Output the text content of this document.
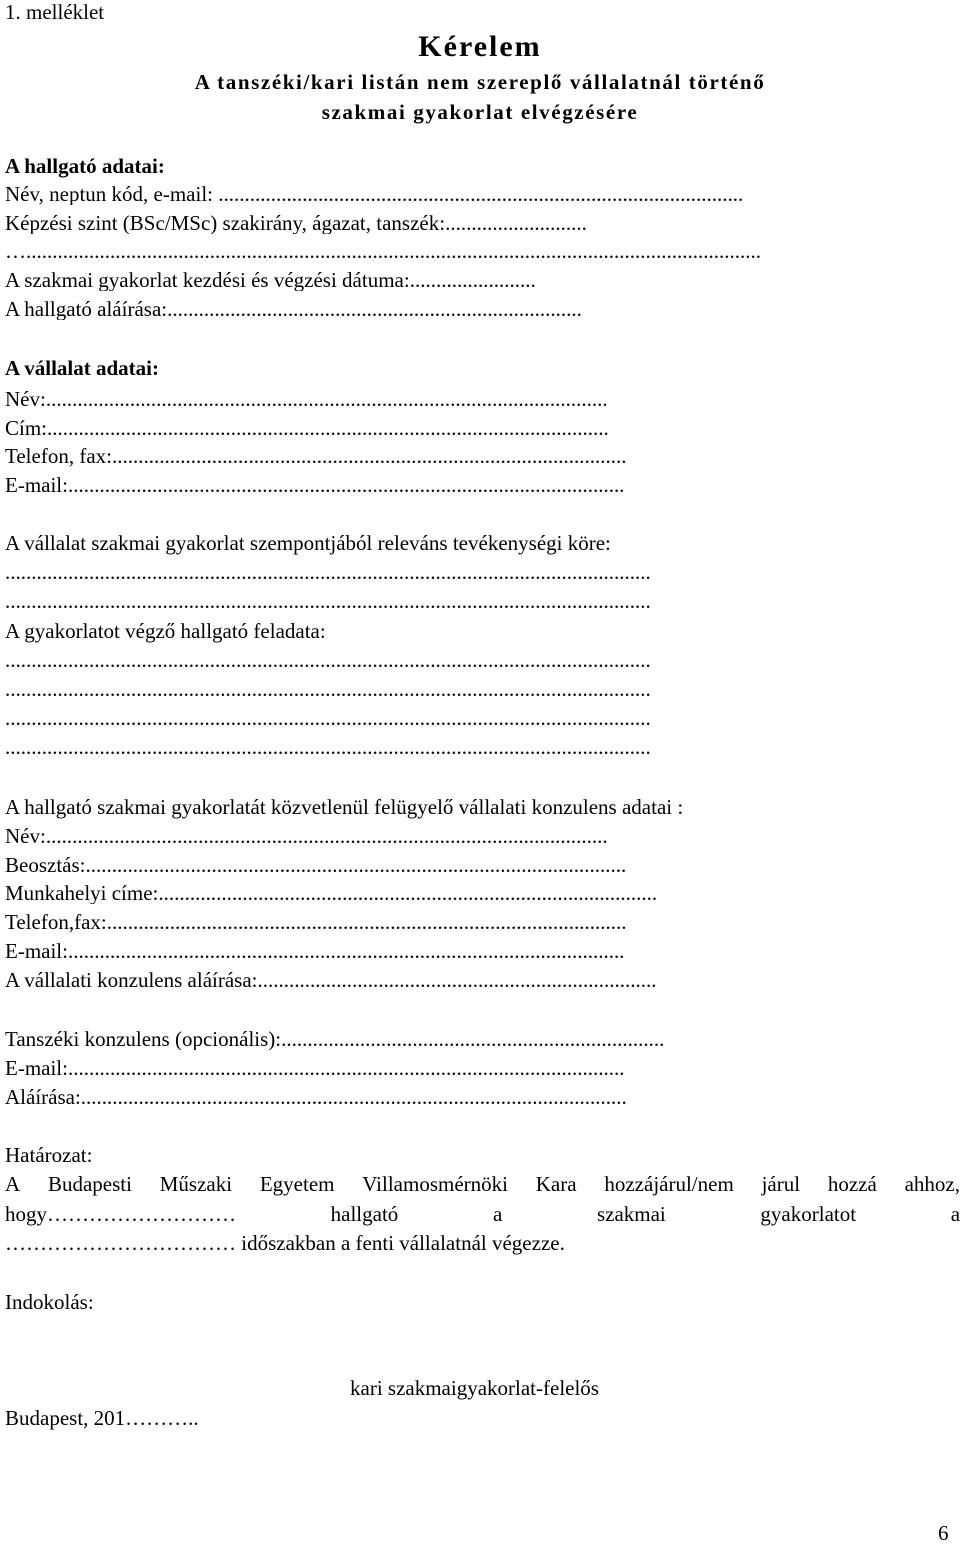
1. melléklet
Kérelem
A tanszéki/kari listán nem szereplő vállalatnál történő
szakmai gyakorlat elvégzésére
A hallgató adatai:
Név, neptun kód, e-mail: ....................................................................................................
Képzési szint (BSc/MSc) szakirány, ágazat, tanszék:...........................
…............................................................................................................................................
A szakmai gyakorlat kezdési és végzési dátuma:........................
A hallgató aláírása:...............................................................................
A vállalat adatai:
Név:...........................................................................................................
Cím:...........................................................................................................
Telefon, fax:..................................................................................................
E-mail:..........................................................................................................
A vállalat szakmai gyakorlat szempontjából releváns tevékenységi köre:
...........................................................................................................................
...........................................................................................................................
A gyakorlatot végző hallgató feladata:
...........................................................................................................................
...........................................................................................................................
...........................................................................................................................
...........................................................................................................................
A hallgató szakmai gyakorlatát közvetlenül felügyelő vállalati konzulens adatai :
Név:...........................................................................................................
Beosztás:.......................................................................................................
Munkahelyi címe:...............................................................................................
Telefon,fax:...................................................................................................
E-mail:..........................................................................................................
A vállalati konzulens aláírása:............................................................................
Tanszéki konzulens (opcionális):.........................................................................
E-mail:..........................................................................................................
Aláírása:........................................................................................................
Határozat:
A Budapesti Műszaki Egyetem Villamosmérnöki Kara hozzájárul/nem járul hozzá ahhoz,
hogy………………………	hallgató	a	szakmai	gyakorlatot	a
…………………………… időszakban a fenti vállalatnál végezze.
Indokolás:
kari szakmaigyakorlat-felelős
Budapest, 201………..
6
